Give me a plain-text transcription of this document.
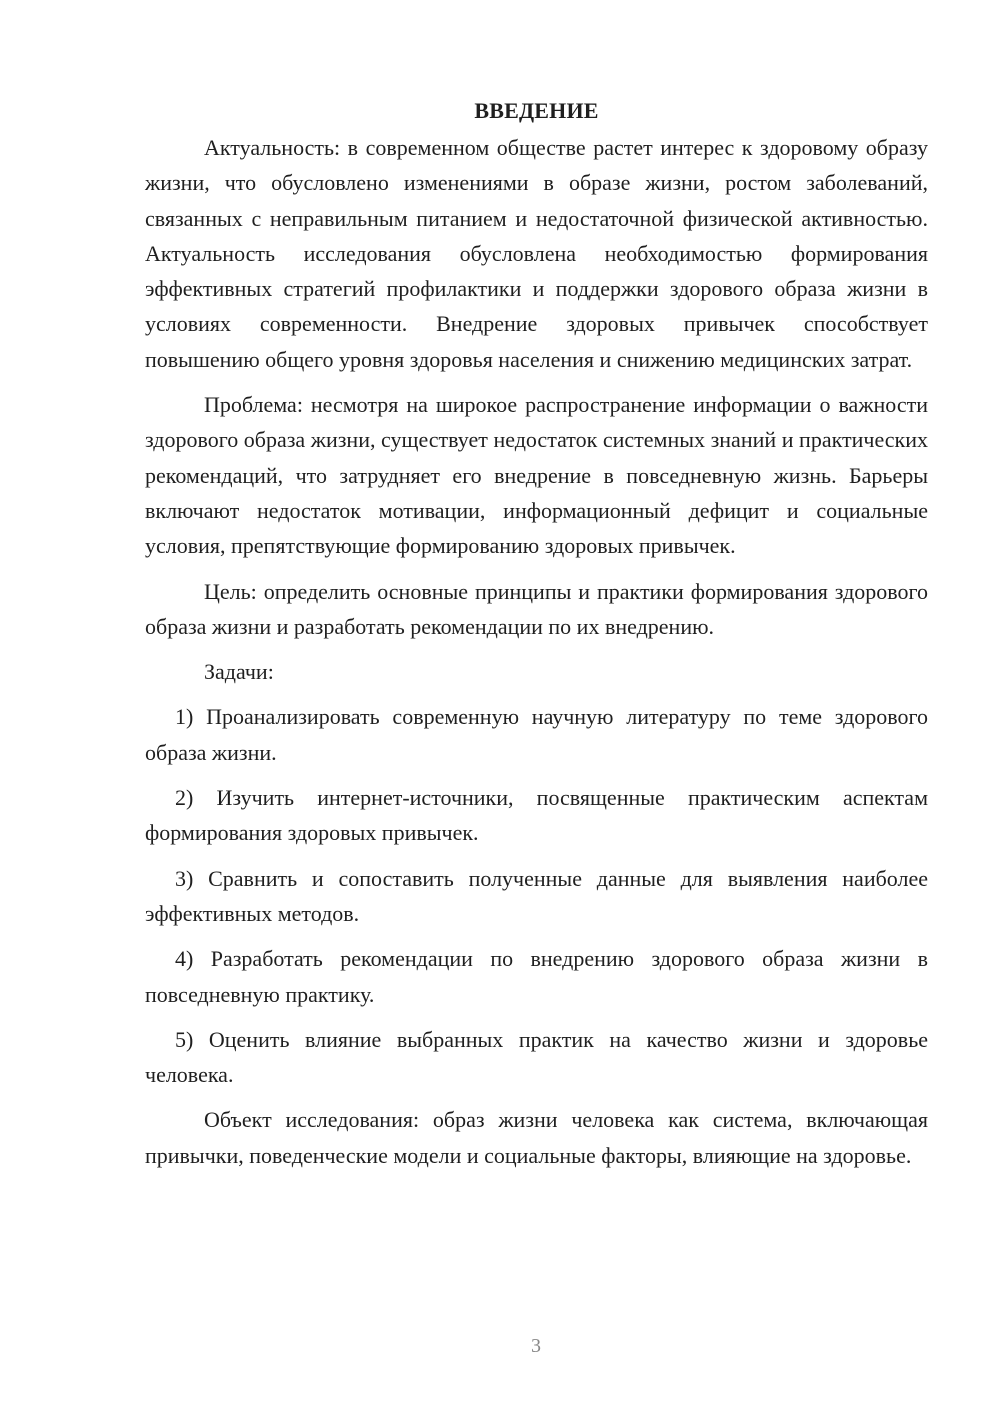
ВВЕДЕНИЕ

Актуальность: в современном обществе растет интерес к здоровому образу жизни, что обусловлено изменениями в образе жизни, ростом заболеваний, связанных с неправильным питанием и недостаточной физической активностью. Актуальность исследования обусловлена необходимостью формирования эффективных стратегий профилактики и поддержки здорового образа жизни в условиях современности. Внедрение здоровых привычек способствует повышению общего уровня здоровья населения и снижению медицинских затрат.

Проблема: несмотря на широкое распространение информации о важности здорового образа жизни, существует недостаток системных знаний и практических рекомендаций, что затрудняет его внедрение в повседневную жизнь. Барьеры включают недостаток мотивации, информационный дефицит и социальные условия, препятствующие формированию здоровых привычек.

Цель: определить основные принципы и практики формирования здорового образа жизни и разработать рекомендации по их внедрению.

Задачи:

1) Проанализировать современную научную литературу по теме здорового образа жизни.

2) Изучить интернет-источники, посвященные практическим аспектам формирования здоровых привычек.

3) Сравнить и сопоставить полученные данные для выявления наиболее эффективных методов.

4) Разработать рекомендации по внедрению здорового образа жизни в повседневную практику.

5) Оценить влияние выбранных практик на качество жизни и здоровье человека.

Объект исследования: образ жизни человека как система, включающая привычки, поведенческие модели и социальные факторы, влияющие на здоровье.

3
